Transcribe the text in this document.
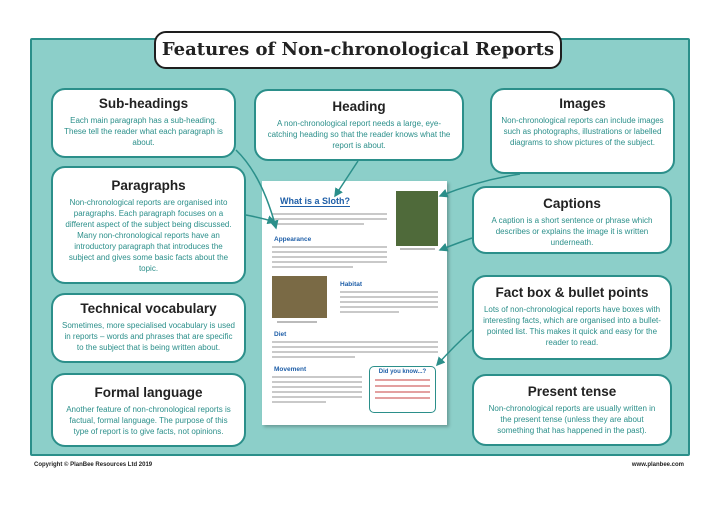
Features of Non-chronological Reports
Sub-headings

Each main paragraph has a sub-heading. These tell the reader what each paragraph is about.

Paragraphs

Non-chronological reports are organised into paragraphs. Each paragraph focuses on a different aspect of the subject being discussed. Many non-chronological reports have an introductory paragraph that introduces the subject and gives some basic facts about the topic.

Technical vocabulary

Sometimes, more specialised vocabulary is used in reports – words and phrases that are specific to the subject that is being written about.

Formal language

Another feature of non-chronological reports is factual, formal language. The purpose of this type of report is to give facts, not opinions.

Heading

A non-chronological report needs a large, eye-catching heading so that the reader knows what the report is about.

Images

Non-chronological reports can include images such as photographs, illustrations or labelled diagrams to show pictures of the subject.

Captions

A caption is a short sentence or phrase which describes or explains the image it is written underneath.

Fact box & bullet points

Lots of non-chronological reports have boxes with interesting facts, which are organised into a bullet-pointed list. This makes it quick and easy for the reader to read.

Present tense

Non-chronological reports are usually written in the present tense (unless they are about something that has happened in the past).

What is a Sloth?
Appearance
Habitat
Diet
Movement	Did you know...?
Copyright © PlanBee Resources Ltd 2019	www.planbee.com
